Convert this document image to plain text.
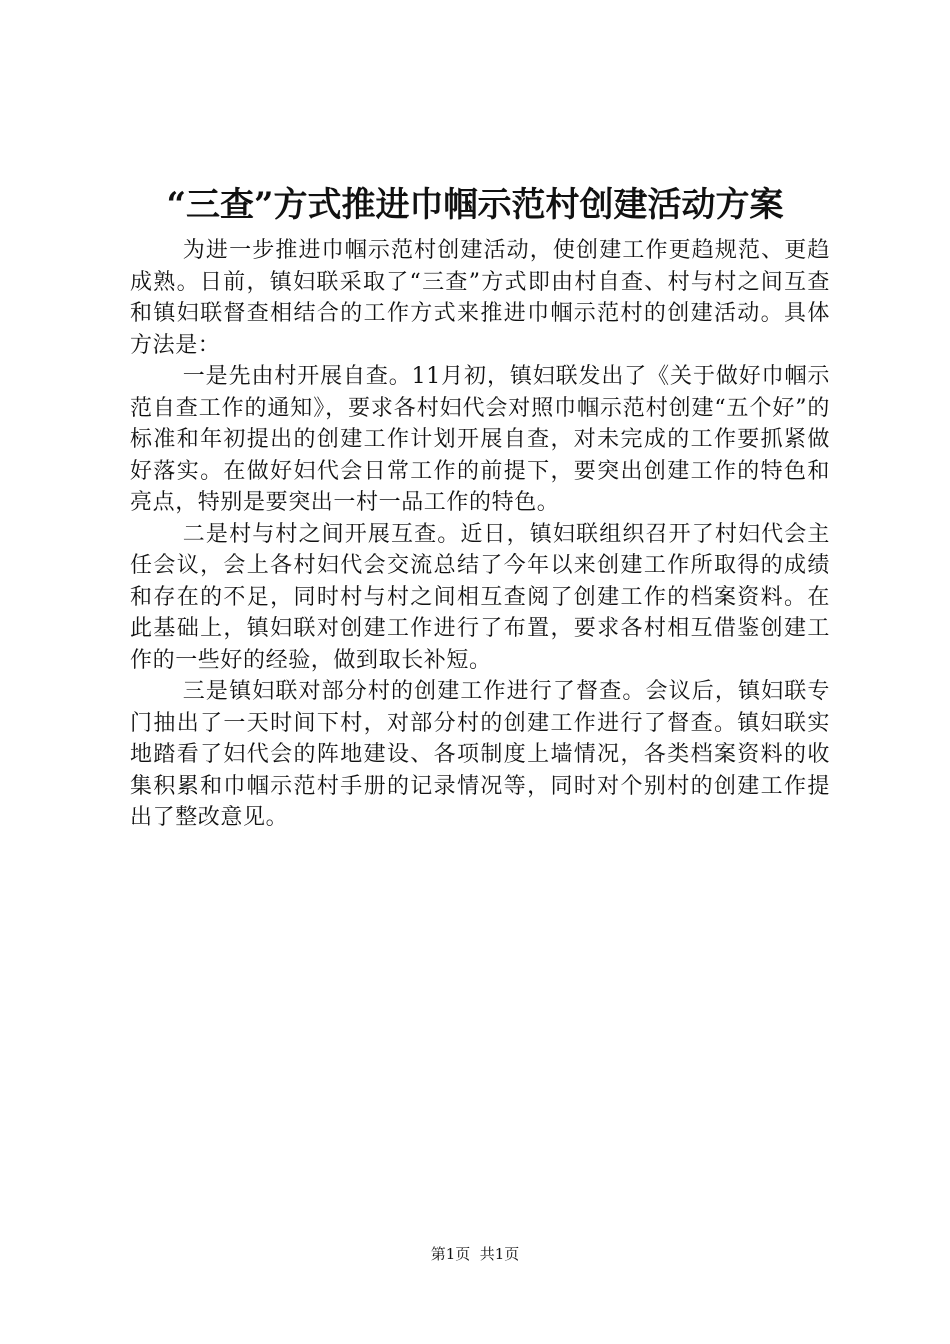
“三查”方式推进巾帼示范村创建活动方案

为进一步推进巾帼示范村创建活动，使创建工作更趋规范、更趋成熟。日前，镇妇联采取了“三查”方式即由村自查、村与村之间互查和镇妇联督查相结合的工作方式来推进巾帼示范村的创建活动。具体方法是：

一是先由村开展自查。11月初，镇妇联发出了《关于做好巾帼示范自查工作的通知》，要求各村妇代会对照巾帼示范村创建“五个好”的标准和年初提出的创建工作计划开展自查，对未完成的工作要抓紧做好落实。在做好妇代会日常工作的前提下，要突出创建工作的特色和亮点，特别是要突出一村一品工作的特色。

二是村与村之间开展互查。近日，镇妇联组织召开了村妇代会主任会议，会上各村妇代会交流总结了今年以来创建工作所取得的成绩和存在的不足，同时村与村之间相互查阅了创建工作的档案资料。在此基础上，镇妇联对创建工作进行了布置，要求各村相互借鉴创建工作的一些好的经验，做到取长补短。

三是镇妇联对部分村的创建工作进行了督查。会议后，镇妇联专门抽出了一天时间下村，对部分村的创建工作进行了督查。镇妇联实地踏看了妇代会的阵地建设、各项制度上墙情况，各类档案资料的收集积累和巾帼示范村手册的记录情况等，同时对个别村的创建工作提出了整改意见。

第1页  共1页
